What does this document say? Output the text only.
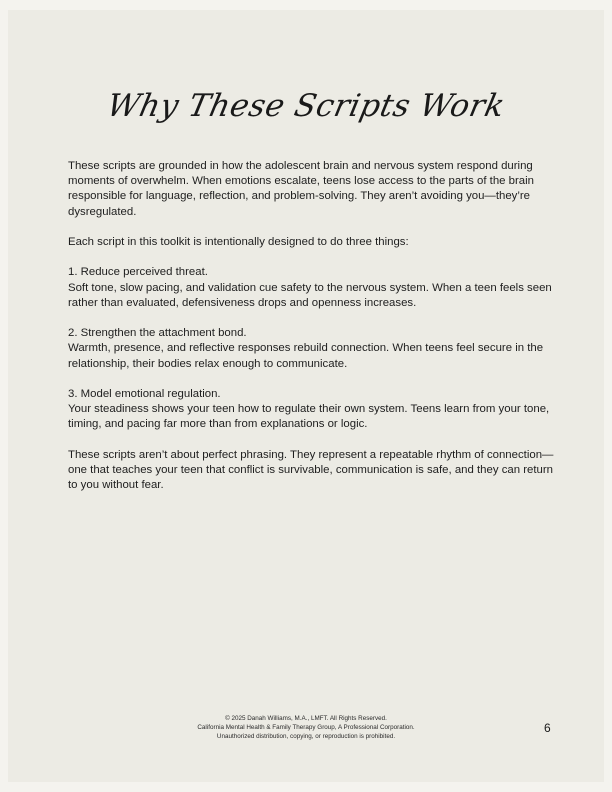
Why These Scripts Work

These scripts are grounded in how the adolescent brain and nervous system respond during moments of overwhelm. When emotions escalate, teens lose access to the parts of the brain responsible for language, reflection, and problem-solving. They aren’t avoiding you—they’re dysregulated.

Each script in this toolkit is intentionally designed to do three things:

1. Reduce perceived threat.
Soft tone, slow pacing, and validation cue safety to the nervous system. When a teen feels seen rather than evaluated, defensiveness drops and openness increases.

2. Strengthen the attachment bond.
Warmth, presence, and reflective responses rebuild connection. When teens feel secure in the relationship, their bodies relax enough to communicate.

3. Model emotional regulation.
Your steadiness shows your teen how to regulate their own system. Teens learn from your tone, timing, and pacing far more than from explanations or logic.

These scripts aren’t about perfect phrasing. They represent a repeatable rhythm of connection—one that teaches your teen that conflict is survivable, communication is safe, and they can return to you without fear.

© 2025 Danah Williams, M.A., LMFT. All Rights Reserved.
California Mental Health & Family Therapy Group, A Professional Corporation.
Unauthorized distribution, copying, or reproduction is prohibited.
6
